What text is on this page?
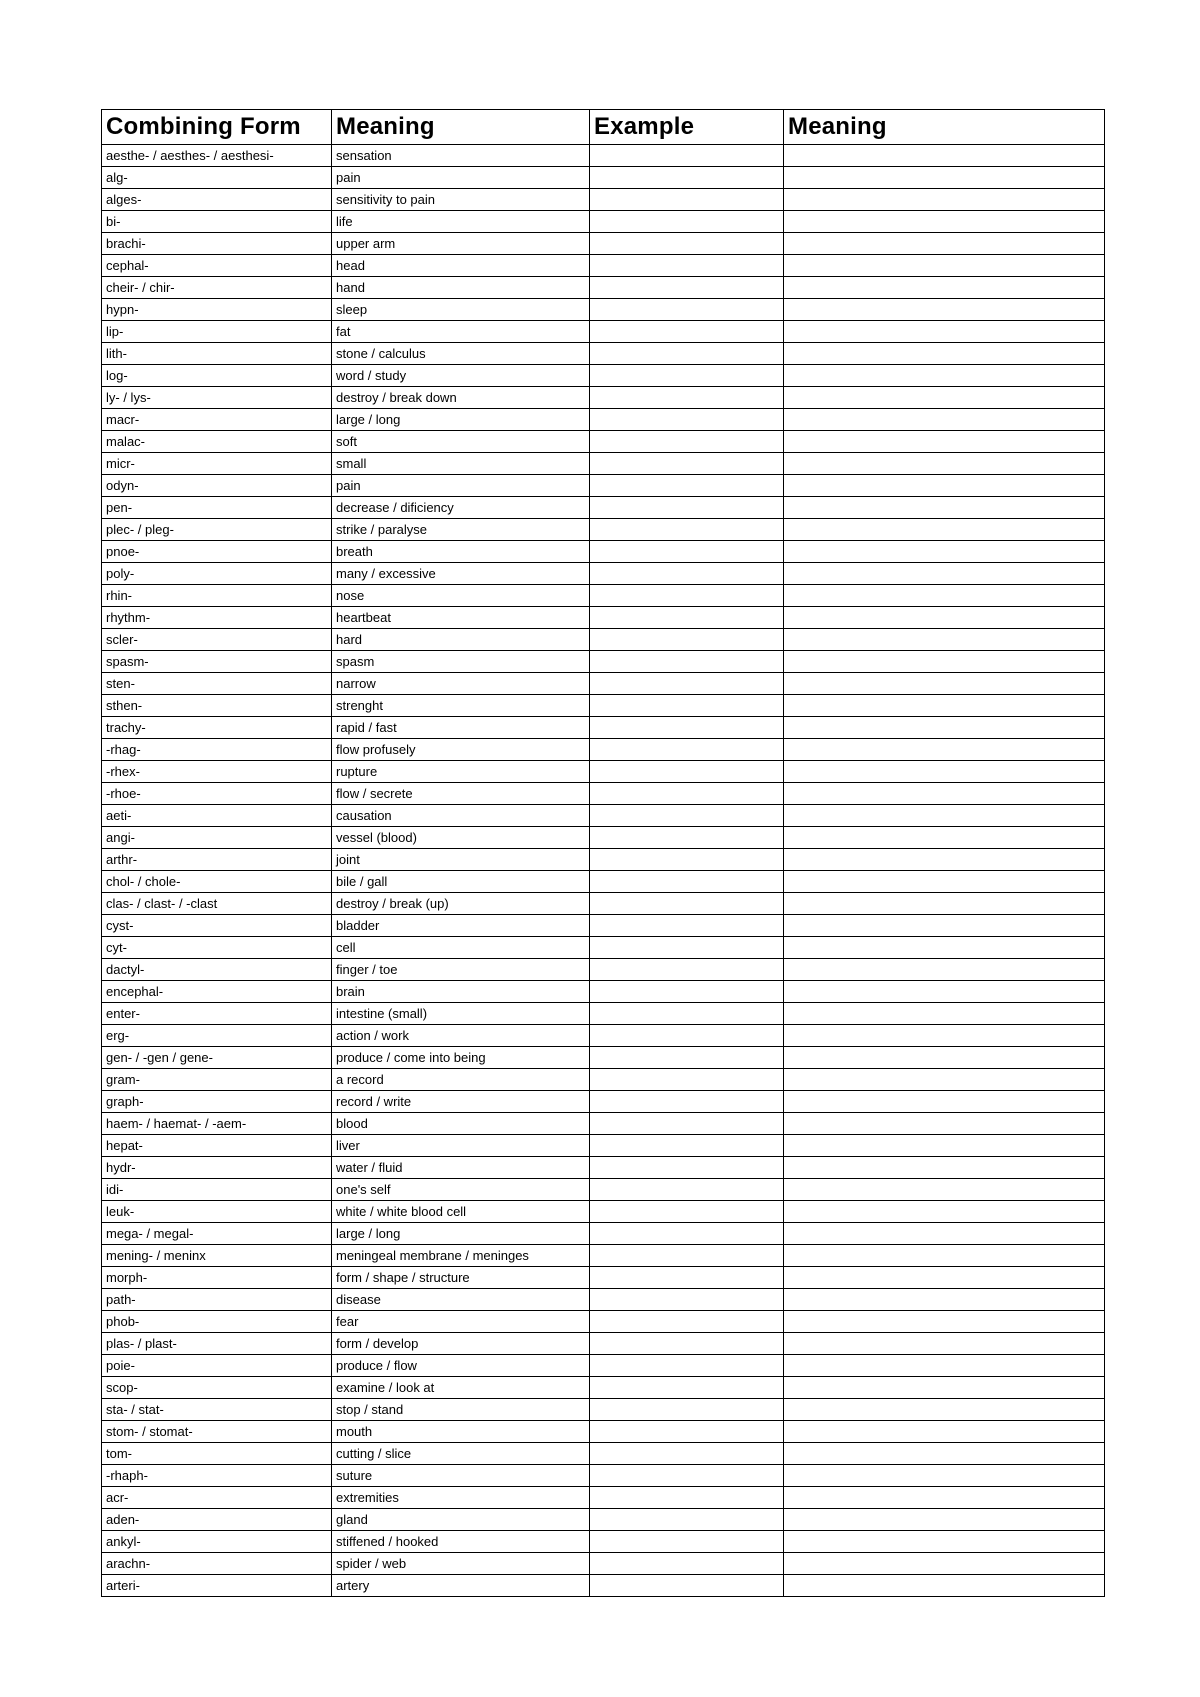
Combining Form	Meaning	Example	Meaning
aesthe- / aesthes- / aesthesi-	sensation		
alg-	pain		
alges-	sensitivity to pain		
bi-	life		
brachi-	upper arm		
cephal-	head		
cheir- / chir-	hand		
hypn-	sleep		
lip-	fat		
lith-	stone / calculus		
log-	word / study		
ly- / lys-	destroy / break down		
macr-	large / long		
malac-	soft		
micr-	small		
odyn-	pain		
pen-	decrease / dificiency		
plec- / pleg-	strike / paralyse		
pnoe-	breath		
poly-	many / excessive		
rhin-	nose		
rhythm-	heartbeat		
scler-	hard		
spasm-	spasm		
sten-	narrow		
sthen-	strenght		
trachy-	rapid / fast		
-rhag-	flow profusely		
-rhex-	rupture		
-rhoe-	flow / secrete		
aeti-	causation		
angi-	vessel (blood)		
arthr-	joint		
chol- / chole-	bile / gall		
clas- / clast- / -clast	destroy / break (up)		
cyst-	bladder		
cyt-	cell		
dactyl-	finger / toe		
encephal-	brain		
enter-	intestine (small)		
erg-	action / work		
gen- / -gen / gene-	produce / come into being		
gram-	a record		
graph-	record / write		
haem- / haemat- / -aem-	blood		
hepat-	liver		
hydr-	water / fluid		
idi-	one's self		
leuk-	white / white blood cell		
mega- / megal-	large / long		
mening- / meninx	meningeal membrane / meninges		
morph-	form / shape / structure		
path-	disease		
phob-	fear		
plas- / plast-	form / develop		
poie-	produce / flow		
scop-	examine / look at		
sta- / stat-	stop / stand		
stom- / stomat-	mouth		
tom-	cutting / slice		
-rhaph-	suture		
acr-	extremities		
aden-	gland		
ankyl-	stiffened / hooked		
arachn-	spider / web		
arteri-	artery		
